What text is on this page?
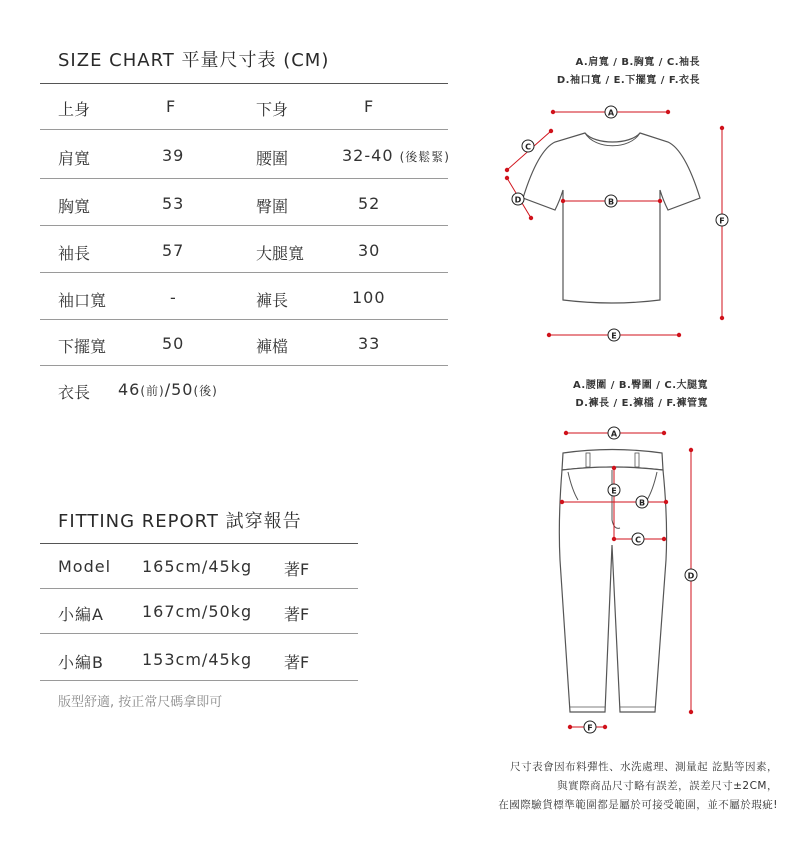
SIZE CHART 平量尺寸表 (CM)
上身	F	下身	F
肩寬	39	腰圍	32-40 (後鬆緊)
胸寬	53	臀圍	52
袖長	57	大腿寬	30
袖口寬	-	褲長	100
下擺寬	50	褲檔	33
衣長 46(前)/50(後)
FITTING REPORT 試穿報告
Model 165cm/45kg 著F
小編A 167cm/50kg 著F
小編B 153cm/45kg 著F
版型舒適, 按正常尺碼拿即可
A.肩寬 / B.胸寬 / C.袖長
D.袖口寬 / E.下擺寬 / F.衣長
A.腰圍 / B.臀圍 / C.大腿寬
D.褲長 / E.褲檔 / F.褲管寬
A
B
C
D
E
F
A
B
C
D
E
F
尺寸表會因布料彈性、水洗處理、測量起 訖點等因素，
與實際商品尺寸略有誤差，誤差尺寸±2CM，
在國際驗貨標準範圍都是屬於可接受範圍，並不屬於瑕疵!
